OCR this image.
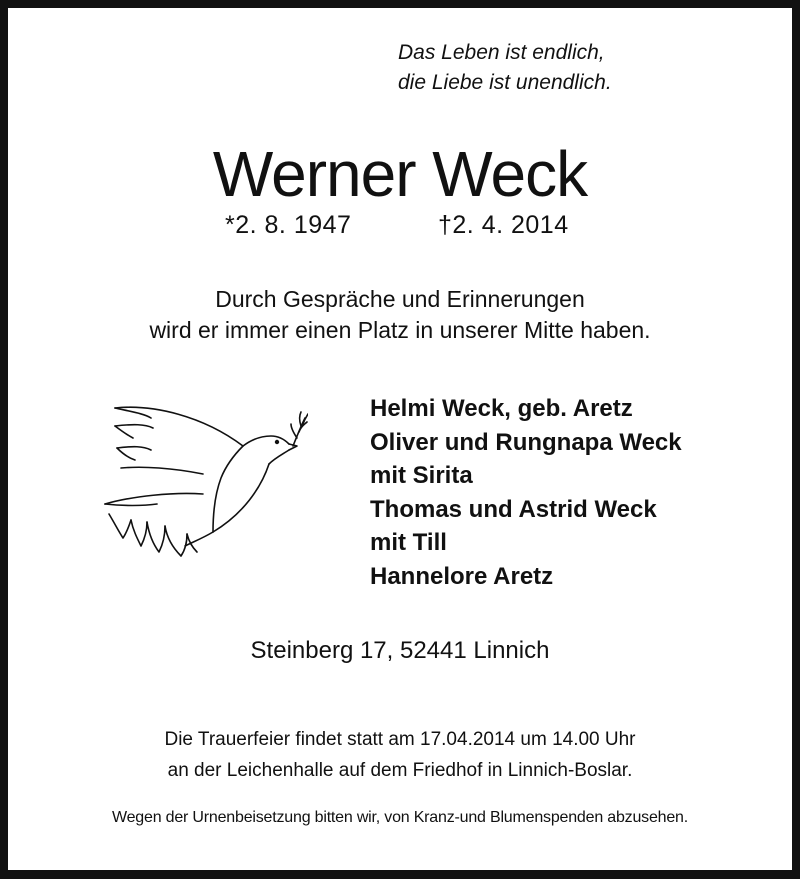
Das Leben ist endlich,
die Liebe ist unendlich.
Werner Weck
*2. 8. 1947	†2. 4. 2014
Durch Gespräche und Erinnerungen
wird er immer einen Platz in unserer Mitte haben.
Helmi Weck, geb. Aretz
Oliver und Rungnapa Weck
mit Sirita
Thomas und Astrid Weck
mit Till
Hannelore Aretz
Steinberg 17, 52441 Linnich
Die Trauerfeier findet statt am 17.04.2014 um 14.00 Uhr
an der Leichenhalle auf dem Friedhof in Linnich-Boslar.
Wegen der Urnenbeisetzung bitten wir, von Kranz-und Blumenspenden abzusehen.
